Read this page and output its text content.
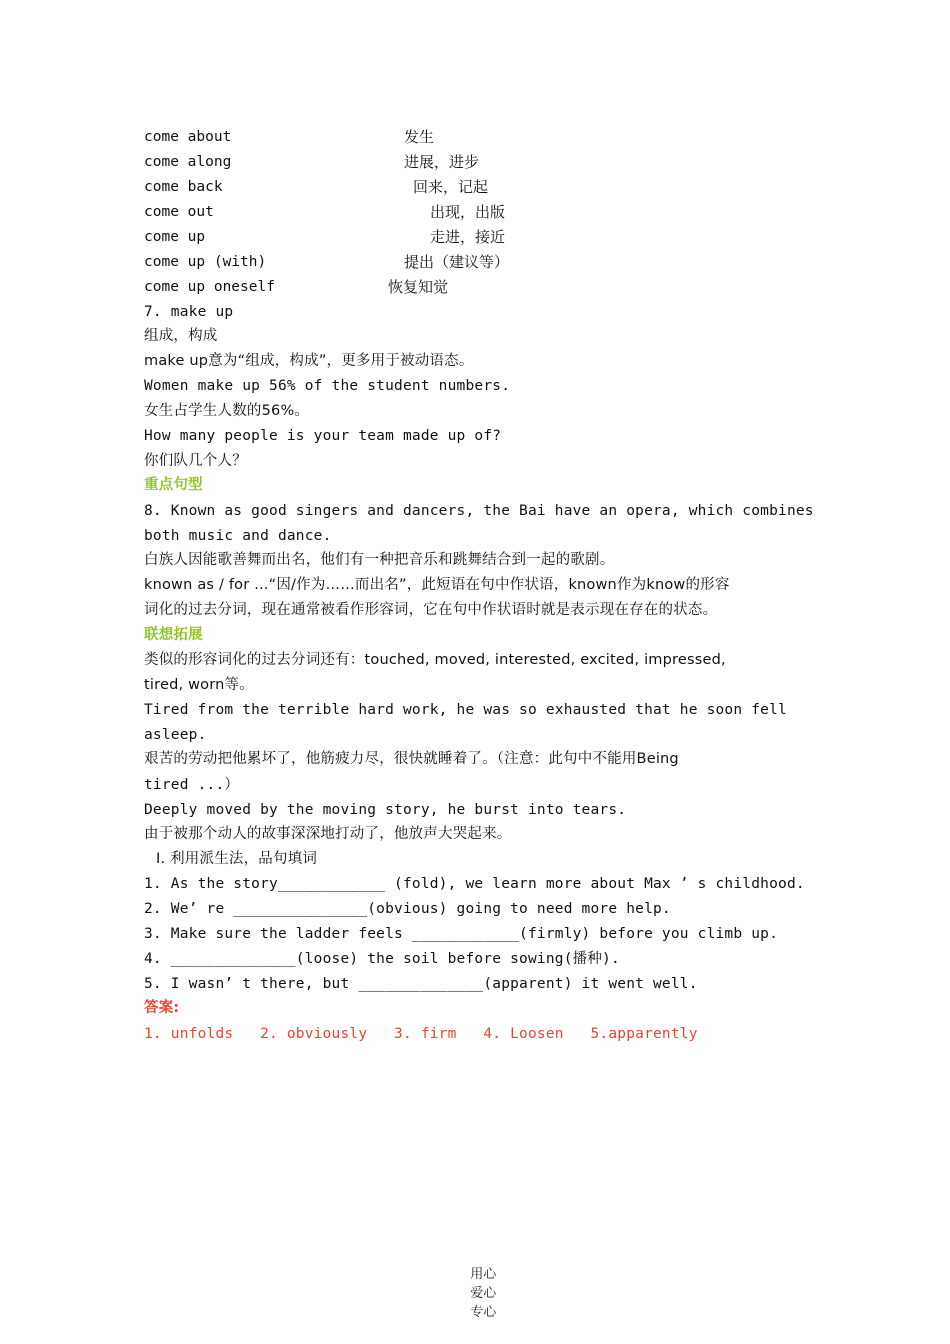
come about	发生
come along	进展，进步
come back	回来，记起
come out	出现，出版
come up	走进，接近
come up (with)	提出（建议等）
come up oneself	恢复知觉
7. make up
组成，构成
make up意为“组成，构成”，更多用于被动语态。
Women make up 56% of the student numbers.
女生占学生人数的56%。
How many people is your team made up of?
你们队几个人？
重点句型
8. Known as good singers and dancers, the Bai have an opera, which combines
both music and dance.
白族人因能歌善舞而出名，他们有一种把音乐和跳舞结合到一起的歌剧。
known as / for ...“因/作为……而出名”，此短语在句中作状语，known作为know的形容
词化的过去分词，现在通常被看作形容词，它在句中作状语时就是表示现在存在的状态。
联想拓展
类似的形容词化的过去分词还有：touched, moved, interested, excited, impressed,
tired, worn等。
Tired from the terrible hard work, he was so exhausted that he soon fell
asleep.
艰苦的劳动把他累坏了，他筋疲力尽，很快就睡着了。（注意：此句中不能用Being
tired ...）
Deeply moved by the moving story, he burst into tears.
由于被那个动人的故事深深地打动了，他放声大哭起来。
Ⅰ. 利用派生法，品句填词
1. As the story____________ (fold), we learn more about Max ’ s childhood.
2. We’ re _______________(obvious) going to need more help.
3. Make sure the ladder feels ____________(firmly) before you climb up.
4. ______________(loose) the soil before sowing(播种).
5. I wasn’ t there, but ______________(apparent) it went well.
答案:
1. unfolds   2. obviously   3. firm   4. Loosen   5.apparently

用心
爱心
专心
